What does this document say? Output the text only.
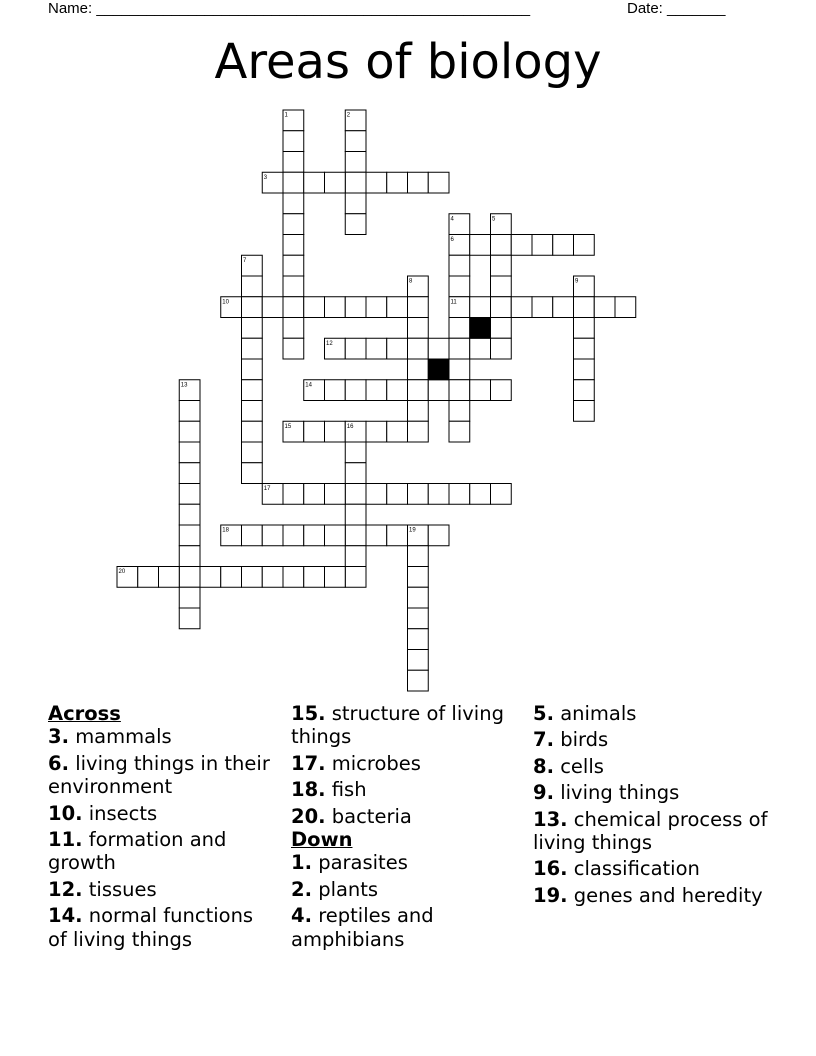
Name: ____________________________________________________	Date: _______
Areas of biology
1	2
3
4	5
6
7
8	9
10	11
12
13	14
15	16
17
18	19
20
Across
3. mammals
6. living things in their environment
10. insects
11. formation and growth
12. tissues
14. normal functions of living things
15. structure of living things
17. microbes
18. fish
20. bacteria
Down
1. parasites
2. plants
4. reptiles and amphibians
5. animals
7. birds
8. cells
9. living things
13. chemical process of living things
16. classification
19. genes and heredity
